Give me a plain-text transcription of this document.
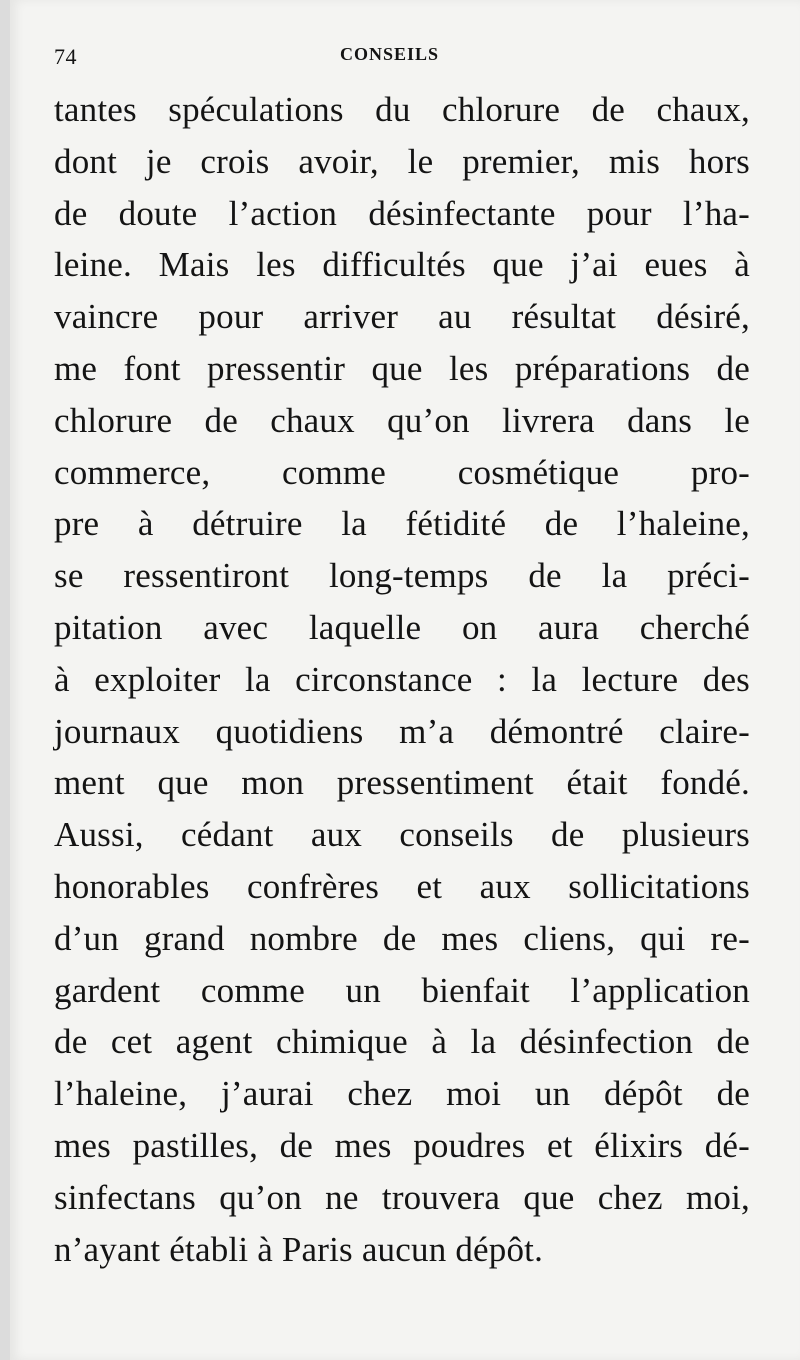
74	CONSEILS
tantes spéculations du chlorure de chaux,
dont je crois avoir, le premier, mis hors
de doute l’action désinfectante pour l’ha-
leine. Mais les difficultés que j’ai eues à
vaincre pour arriver au résultat désiré,
me font pressentir que les préparations de
chlorure de chaux qu’on livrera dans le
commerce, comme cosmétique pro-
pre à détruire la fétidité de l’haleine,
se ressentiront long-temps de la préci-
pitation avec laquelle on aura cherché
à exploiter la circonstance : la lecture des
journaux quotidiens m’a démontré claire-
ment que mon pressentiment était fondé.
Aussi, cédant aux conseils de plusieurs
honorables confrères et aux sollicitations
d’un grand nombre de mes cliens, qui re-
gardent comme un bienfait l’application
de cet agent chimique à la désinfection de
l’haleine, j’aurai chez moi un dépôt de
mes pastilles, de mes poudres et élixirs dé-
sinfectans qu’on ne trouvera que chez moi,
n’ayant établi à Paris aucun dépôt.
